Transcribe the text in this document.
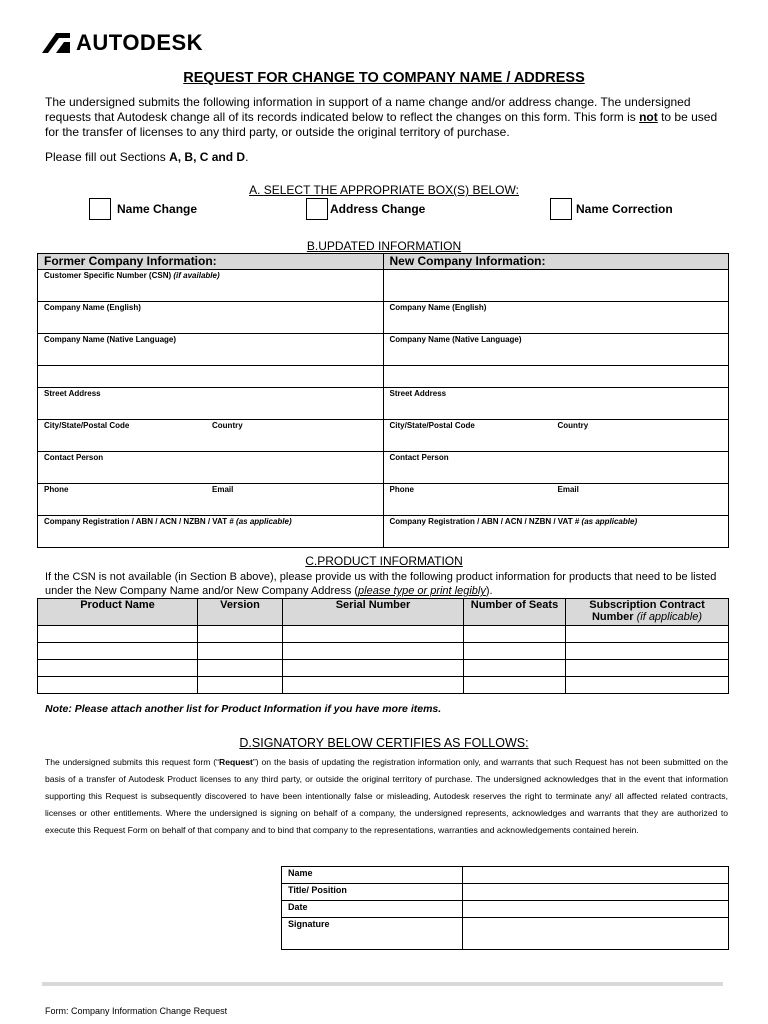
AUTODESK
REQUEST FOR CHANGE TO COMPANY NAME / ADDRESS
The undersigned submits the following information in support of a name change and/or address change. The undersigned requests that Autodesk change all of its records indicated below to reflect the changes on this form. This form is not to be used for the transfer of licenses to any third party, or outside the original territory of purchase.
Please fill out Sections A, B, C and D.
A. SELECT THE APPROPRIATE BOX(S) BELOW:
Name Change	Address Change	Name Correction
B.UPDATED INFORMATION
Former Company Information:	New Company Information:
Customer Specific Number (CSN) (if available)	
Company Name (English)	Company Name (English)
Company Name (Native Language)	Company Name (Native Language)

Street Address	Street Address
City/State/Postal Code Country	City/State/Postal Code Country

Contact Person	Contact Person
Phone Email	Phone Email

Company Registration / ABN / ACN / NZBN / VAT # (as applicable)	Company Registration / ABN / ACN / NZBN / VAT # (as applicable)
C.PRODUCT INFORMATION
If the CSN is not available (in Section B above), please provide us with the following product information for products that need to be listed under the New Company Name and/or New Company Address (please type or print legibly).
Product Name	Version	Serial Number	Number of Seats	Subscription Contract Number (if applicable)

Note: Please attach another list for Product Information if you have more items.
D.SIGNATORY BELOW CERTIFIES AS FOLLOWS:
The undersigned submits this request form (“Request”) on the basis of updating the registration information only, and warrants that such Request has not been submitted on the basis of a transfer of Autodesk Product licenses to any third party, or outside the original territory of purchase. The undersigned acknowledges that in the event that information supporting this Request is subsequently discovered to have been intentionally false or misleading, Autodesk reserves the right to terminate any/ all affected related contracts, licenses or other entitlements. Where the undersigned is signing on behalf of a company, the undersigned represents, acknowledges and warrants that they are authorized to execute this Request Form on behalf of that company and to bind that company to the representations, warranties and acknowledgements contained herein.
Name	
Title/ Position	
Date	
Signature	
Form: Company Information Change Request
